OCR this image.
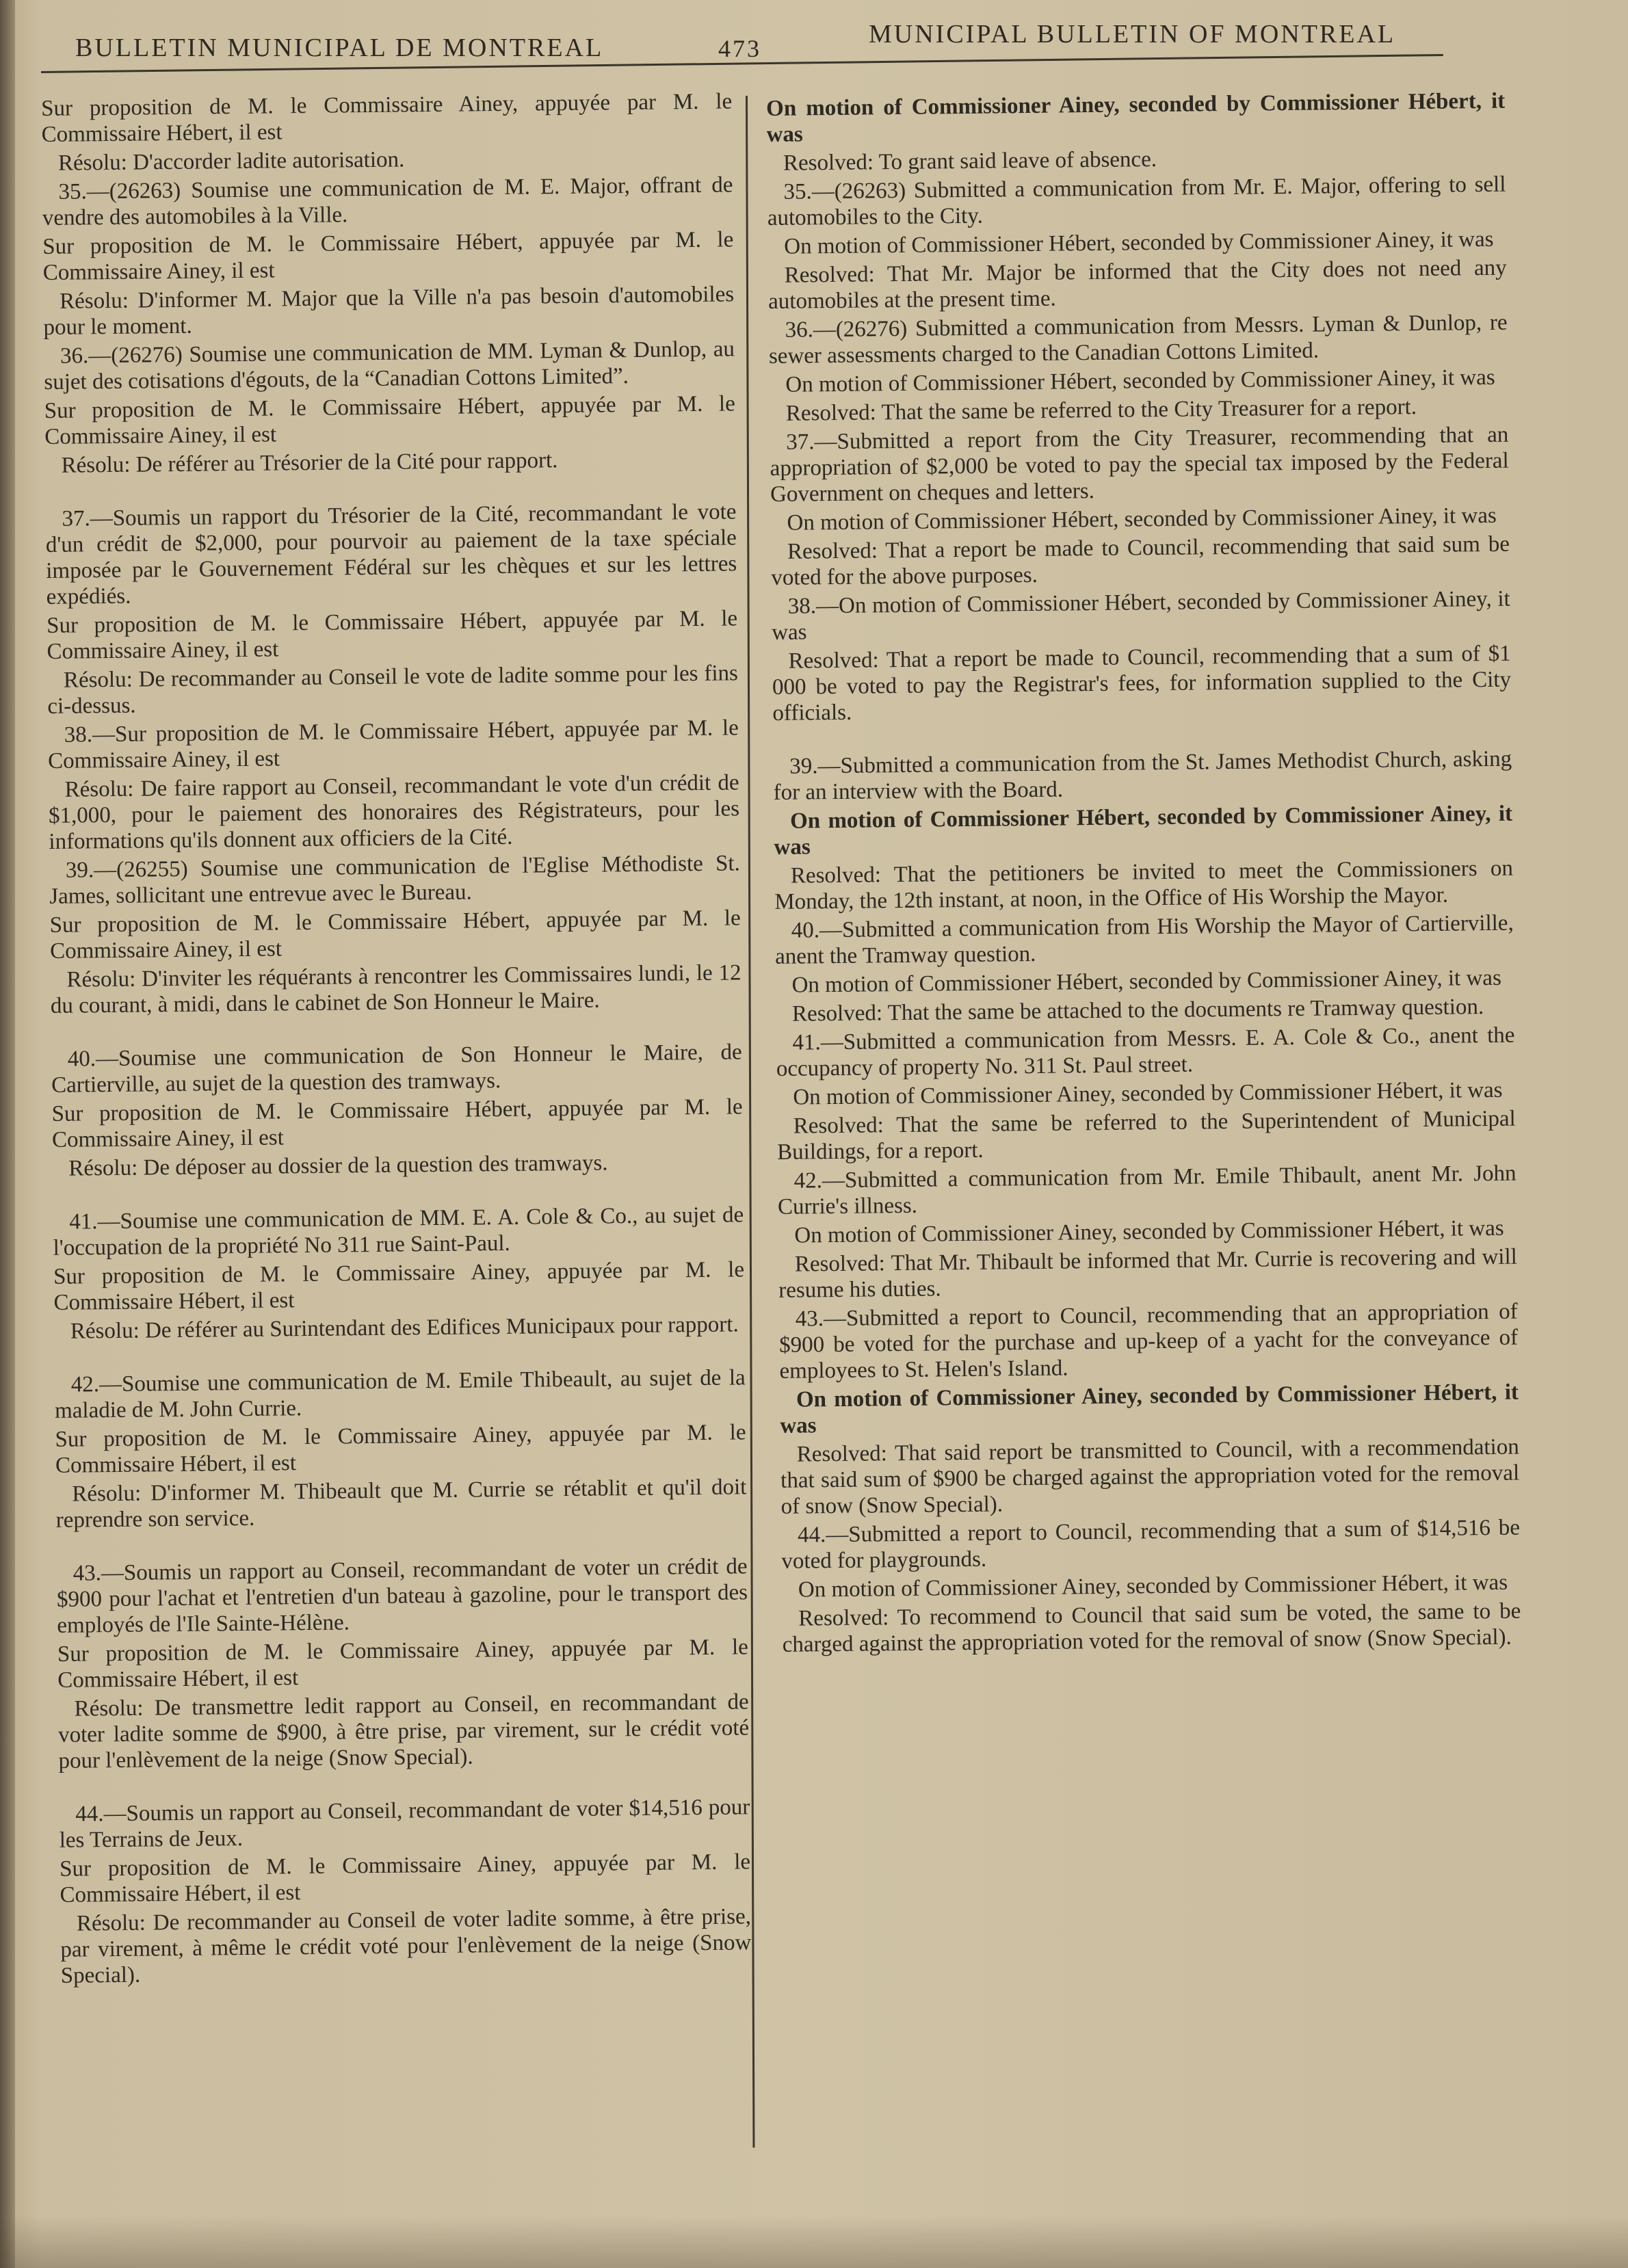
BULLETIN MUNICIPAL DE MONTREAL	473	MUNICIPAL BULLETIN OF MONTREAL

Sur proposition de M. le Commissaire Ainey, appuyée par M. le Commissaire Hébert, il est

Résolu: D'accorder ladite autorisation.

35.—(26263) Soumise une communication de M. E. Major, offrant de vendre des automobiles à la Ville.

Sur proposition de M. le Commissaire Hébert, appuyée par M. le Commissaire Ainey, il est

Résolu: D'informer M. Major que la Ville n'a pas besoin d'automobiles pour le moment.

36.—(26276) Soumise une communication de MM. Lyman & Dunlop, au sujet des cotisations d'égouts, de la “Canadian Cottons Limited”.

Sur proposition de M. le Commissaire Hébert, appuyée par M. le Commissaire Ainey, il est

Résolu: De référer au Trésorier de la Cité pour rapport.

37.—Soumis un rapport du Trésorier de la Cité, recommandant le vote d'un crédit de $2,000, pour pourvoir au paiement de la taxe spéciale imposée par le Gouvernement Fédéral sur les chèques et sur les lettres expédiés.

Sur proposition de M. le Commissaire Hébert, appuyée par M. le Commissaire Ainey, il est

Résolu: De recommander au Conseil le vote de ladite somme pour les fins ci-dessus.

38.—Sur proposition de M. le Commissaire Hébert, appuyée par M. le Commissaire Ainey, il est

Résolu: De faire rapport au Conseil, recommandant le vote d'un crédit de $1,000, pour le paiement des honoraires des Régistrateurs, pour les informations qu'ils donnent aux officiers de la Cité.

39.—(26255) Soumise une communication de l'Eglise Méthodiste St. James, sollicitant une entrevue avec le Bureau.

Sur proposition de M. le Commissaire Hébert, appuyée par M. le Commissaire Ainey, il est

Résolu: D'inviter les réquérants à rencontrer les Commissaires lundi, le 12 du courant, à midi, dans le cabinet de Son Honneur le Maire.

40.—Soumise une communication de Son Honneur le Maire, de Cartierville, au sujet de la question des tramways.

Sur proposition de M. le Commissaire Hébert, appuyée par M. le Commissaire Ainey, il est

Résolu: De déposer au dossier de la question des tramways.

41.—Soumise une communication de MM. E. A. Cole & Co., au sujet de l'occupation de la propriété No 311 rue Saint-Paul.

Sur proposition de M. le Commissaire Ainey, appuyée par M. le Commissaire Hébert, il est

Résolu: De référer au Surintendant des Edifices Municipaux pour rapport.

42.—Soumise une communication de M. Emile Thibeault, au sujet de la maladie de M. John Currie.

Sur proposition de M. le Commissaire Ainey, appuyée par M. le Commissaire Hébert, il est

Résolu: D'informer M. Thibeault que M. Currie se rétablit et qu'il doit reprendre son service.

43.—Soumis un rapport au Conseil, recommandant de voter un crédit de $900 pour l'achat et l'entretien d'un bateau à gazoline, pour le transport des employés de l'Ile Sainte-Hélène.

Sur proposition de M. le Commissaire Ainey, appuyée par M. le Commissaire Hébert, il est

Résolu: De transmettre ledit rapport au Conseil, en recommandant de voter ladite somme de $900, à être prise, par virement, sur le crédit voté pour l'enlèvement de la neige (Snow Special).

44.—Soumis un rapport au Conseil, recommandant de voter $14,516 pour les Terrains de Jeux.

Sur proposition de M. le Commissaire Ainey, appuyée par M. le Commissaire Hébert, il est

Résolu: De recommander au Conseil de voter ladite somme, à être prise, par virement, à même le crédit voté pour l'enlèvement de la neige (Snow Special).

On motion of Commissioner Ainey, seconded by Commissioner Hébert, it was

Resolved: To grant said leave of absence.

35.—(26263) Submitted a communication from Mr. E. Major, offering to sell automobiles to the City.

On motion of Commissioner Hébert, seconded by Commissioner Ainey, it was

Resolved: That Mr. Major be informed that the City does not need any automobiles at the present time.

36.—(26276) Submitted a communication from Messrs. Lyman & Dunlop, re sewer assessments charged to the Canadian Cottons Limited.

On motion of Commissioner Hébert, seconded by Commissioner Ainey, it was

Resolved: That the same be referred to the City Treasurer for a report.

37.—Submitted a report from the City Treasurer, recommending that an appropriation of $2,000 be voted to pay the special tax imposed by the Federal Government on cheques and letters.

On motion of Commissioner Hébert, seconded by Commissioner Ainey, it was

Resolved: That a report be made to Council, recommending that said sum be voted for the above purposes.

38.—On motion of Commissioner Hébert, seconded by Commissioner Ainey, it was

Resolved: That a report be made to Council, recommending that a sum of $1 000 be voted to pay the Registrar's fees, for information supplied to the City officials.

39.—Submitted a communication from the St. James Methodist Church, asking for an interview with the Board.

On motion of Commissioner Hébert, seconded by Commissioner Ainey, it was

Resolved: That the petitioners be invited to meet the Commissioners on Monday, the 12th instant, at noon, in the Office of His Worship the Mayor.

40.—Submitted a communication from His Worship the Mayor of Cartierville, anent the Tramway question.

On motion of Commissioner Hébert, seconded by Commissioner Ainey, it was

Resolved: That the same be attached to the documents re Tramway question.

41.—Submitted a communication from Messrs. E. A. Cole & Co., anent the occupancy of property No. 311 St. Paul street.

On motion of Commissioner Ainey, seconded by Commissioner Hébert, it was

Resolved: That the same be referred to the Superintendent of Municipal Buildings, for a report.

42.—Submitted a communication from Mr. Emile Thibault, anent Mr. John Currie's illness.

On motion of Commissioner Ainey, seconded by Commissioner Hébert, it was

Resolved: That Mr. Thibault be informed that Mr. Currie is recovering and will resume his duties.

43.—Submitted a report to Council, recommending that an appropriation of $900 be voted for the purchase and up-keep of a yacht for the conveyance of employees to St. Helen's Island.

On motion of Commissioner Ainey, seconded by Commissioner Hébert, it was

Resolved: That said report be transmitted to Council, with a recommendation that said sum of $900 be charged against the appropriation voted for the removal of snow (Snow Special).

44.—Submitted a report to Council, recommending that a sum of $14,516 be voted for playgrounds.

On motion of Commissioner Ainey, seconded by Commissioner Hébert, it was

Resolved: To recommend to Council that said sum be voted, the same to be charged against the appropriation voted for the removal of snow (Snow Special).
